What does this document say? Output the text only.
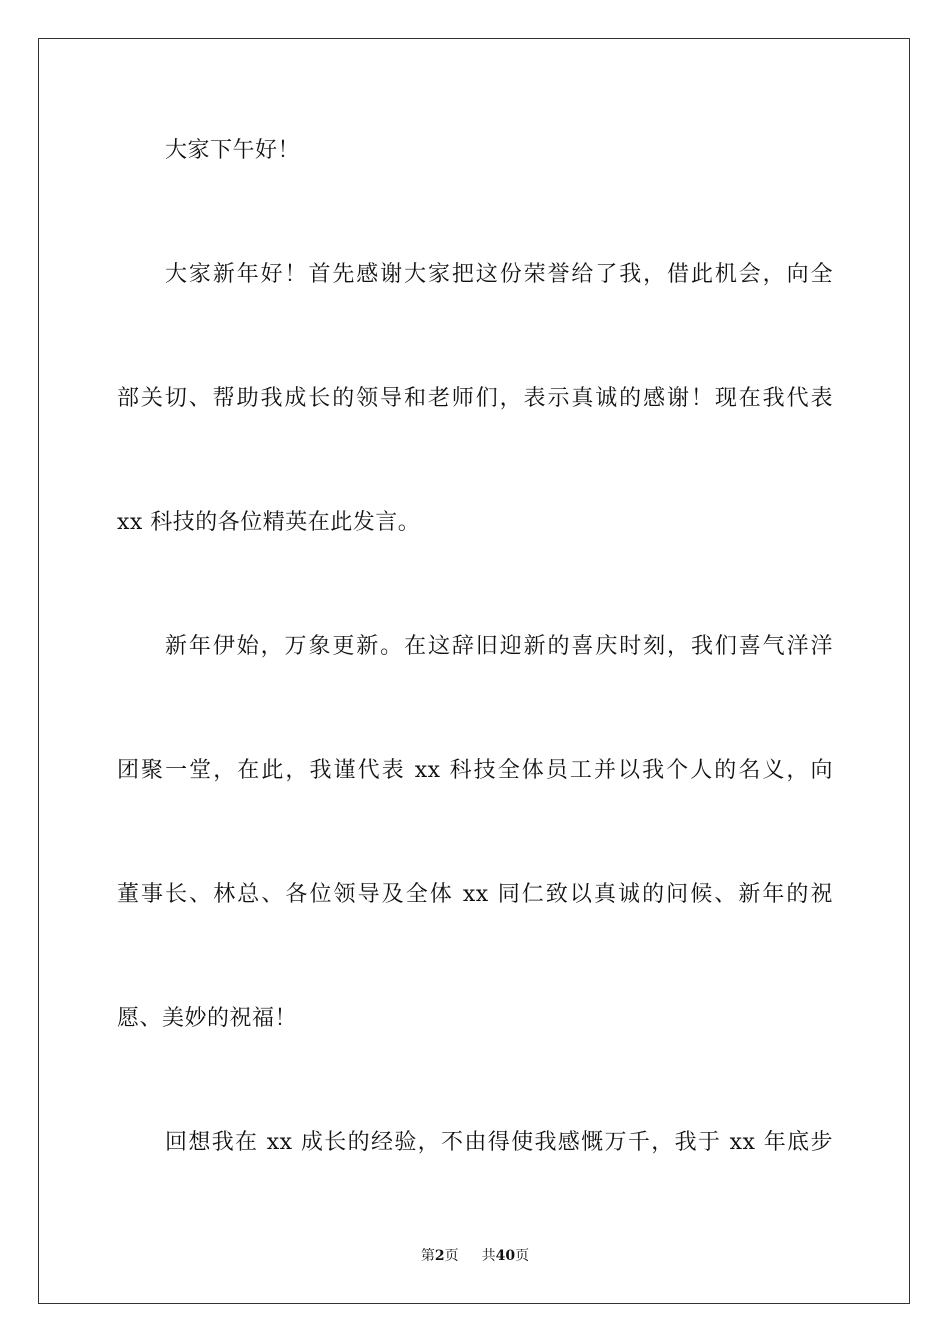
大家下午好！
大家新年好！首先感谢大家把这份荣誉给了我，借此机会，向全
部关切、帮助我成长的领导和老师们，表示真诚的感谢！现在我代表
xx 科技的各位精英在此发言。
新年伊始，万象更新。在这辞旧迎新的喜庆时刻，我们喜气洋洋
团聚一堂，在此，我谨代表 xx 科技全体员工并以我个人的名义，向
董事长、林总、各位领导及全体 xx 同仁致以真诚的问候、新年的祝
愿、美妙的祝福！
回想我在 xx 成长的经验，不由得使我感慨万千，我于 xx 年底步
第2页 共40页
